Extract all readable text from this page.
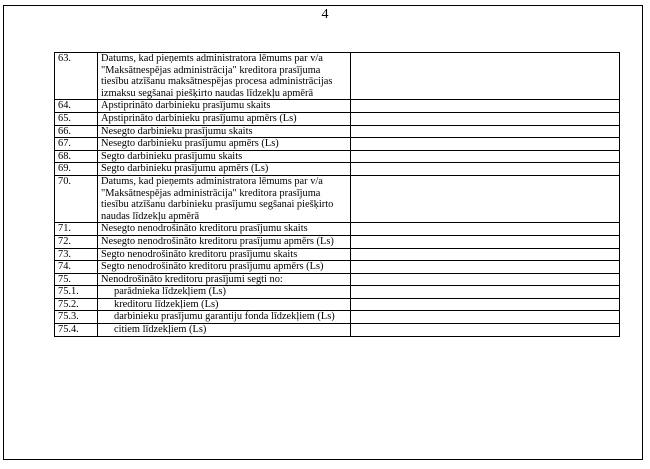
4
63.	Datums, kad pieņemts administratora lēmums par v/a "Maksātnespējas administrācija" kreditora prasījuma tiesību atzīšanu maksātnespējas procesa administrācijas izmaksu segšanai piešķirto naudas līdzekļu apmērā	
64.	Apstiprināto darbinieku prasījumu skaits	
65.	Apstiprināto darbinieku prasījumu apmērs (Ls)	
66.	Nesegto darbinieku prasījumu skaits	
67.	Nesegto darbinieku prasījumu apmērs (Ls)	
68.	Segto darbinieku prasījumu skaits	
69.	Segto darbinieku prasījumu apmērs (Ls)	
70.	Datums, kad pieņemts administratora lēmums par v/a "Maksātnespējas administrācija" kreditora prasījuma tiesību atzīšanu darbinieku prasījumu segšanai piešķirto naudas līdzekļu apmērā	
71.	Nesegto nenodrošināto kreditoru prasījumu skaits	
72.	Nesegto nenodrošināto kreditoru prasījumu apmērs (Ls)	
73.	Segto nenodrošināto kreditoru prasījumu skaits	
74.	Segto nenodrošināto kreditoru prasījumu apmērs (Ls)	
75.	Nenodrošināto kreditoru prasījumi segti no:	
75.1.	parādnieka līdzekļiem (Ls)	
75.2.	kreditoru līdzekļiem (Ls)	
75.3.	darbinieku prasījumu garantiju fonda līdzekļiem (Ls)	
75.4.	citiem līdzekļiem (Ls)	
